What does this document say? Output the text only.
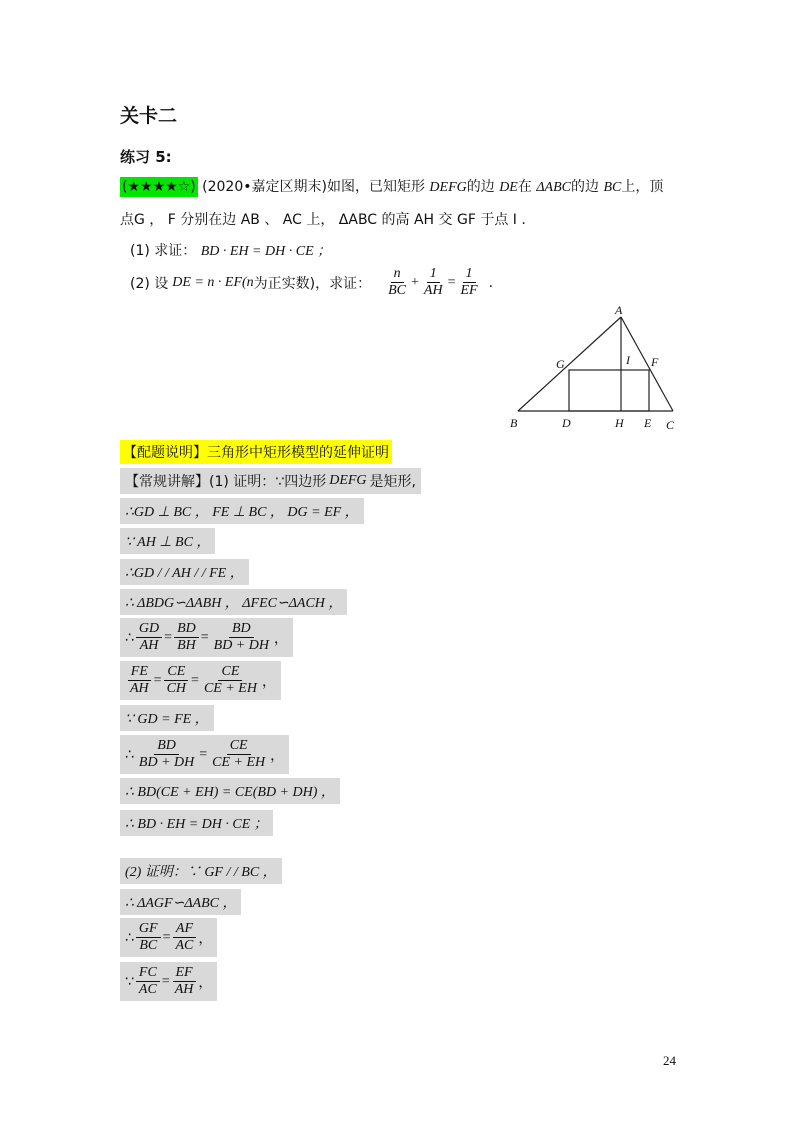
关卡二
练习 5:
(★★★★☆) (2020•嘉定区期末)如图，已知矩形 DEFG的边 DE在 ΔABC的边 BC上，顶
点G ， F 分别在边 AB 、 AC 上， ΔABC 的高 AH 交 GF 于点 I .
(1) 求证： BD · EH = DH · CE ；
(2) 设 DE = n · EF(n 为正实数)，求证： $\frac{n}{BC} + \frac{1}{AH} = \frac{1}{EF}$ .
A
G	I F
B	D	H E C
【配题说明】三角形中矩形模型的延伸证明
【常规讲解】(1) 证明：∵四边形 DEFG 是矩形,
∴GD ⊥ BC ， FE ⊥ BC ， DG = EF ，
∵ AH ⊥ BC ，
∴GD / / AH / / FE ，
∴ ΔBDG∽ΔABH ， ΔFEC∽ΔACH ，
∴ $\frac{GD}{AH} = \frac{BD}{BH} = \frac{BD}{BD + DH}$ ，
$\frac{FE}{AH} = \frac{CE}{CH} = \frac{CE}{CE + EH}$ ，
∵ GD = FE ，
∴ $\frac{BD}{BD + DH} = \frac{CE}{CE + EH}$ ，
∴ BD(CE + EH) = CE(BD + DH) ，
∴ BD · EH = DH · CE ；
(2) 证明：∵ GF / / BC ，
∴ ΔAGF∽ΔABC ，
∴ $\frac{GF}{BC} = \frac{AF}{AC}$ ，
∵ $\frac{FC}{AC} = \frac{EF}{AH}$ ，
24
